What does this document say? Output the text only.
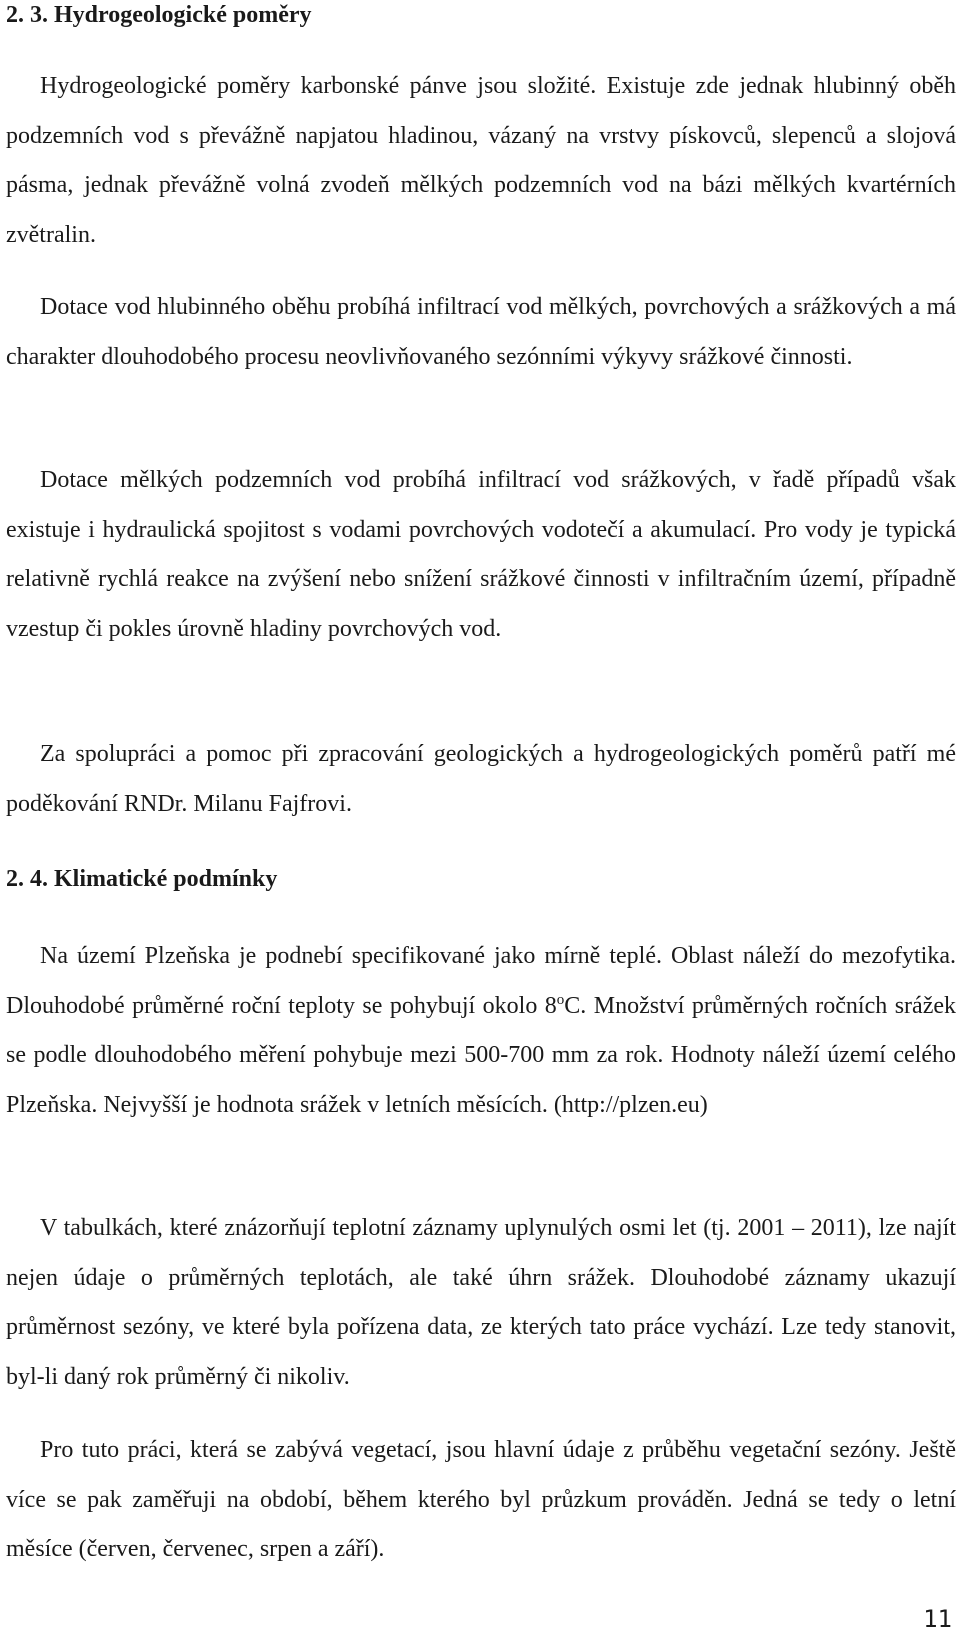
2. 3. Hydrogeologické poměry

Hydrogeologické poměry karbonské pánve jsou složité. Existuje zde jednak hlubinný oběh podzemních vod s převážně napjatou hladinou, vázaný na vrstvy pískovců, slepenců a slojová pásma, jednak převážně volná zvodeň mělkých podzemních vod na bázi mělkých kvartérních zvětralin.

Dotace vod hlubinného oběhu probíhá infiltrací vod mělkých, povrchových a srážkových a má charakter dlouhodobého procesu neovlivňovaného sezónními výkyvy srážkové činnosti.

Dotace mělkých podzemních vod probíhá infiltrací vod srážkových, v řadě případů však existuje i hydraulická spojitost s vodami povrchových vodotečí a akumulací. Pro vody je typická relativně rychlá reakce na zvýšení nebo snížení srážkové činnosti v infiltračním území, případně vzestup či pokles úrovně hladiny povrchových vod.

Za spolupráci a pomoc při zpracování geologických a hydrogeologických poměrů patří mé poděkování RNDr. Milanu Fajfrovi.

2. 4. Klimatické podmínky

Na území Plzeňska je podnebí specifikované jako mírně teplé. Oblast náleží do mezofytika. Dlouhodobé průměrné roční teploty se pohybují okolo 8$^o$C. Množství průměrných ročních srážek se podle dlouhodobého měření pohybuje mezi 500-700 mm za rok. Hodnoty náleží území celého Plzeňska. Nejvyšší je hodnota srážek v letních měsících. (http://plzen.eu)

V tabulkách, které znázorňují teplotní záznamy uplynulých osmi let (tj. 2001 – 2011), lze najít nejen údaje o průměrných teplotách, ale také úhrn srážek. Dlouhodobé záznamy ukazují průměrnost sezóny, ve které byla pořízena data, ze kterých tato práce vychází. Lze tedy stanovit, byl-li daný rok průměrný či nikoliv.

Pro tuto práci, která se zabývá vegetací, jsou hlavní údaje z průběhu vegetační sezóny. Ještě více se pak zaměřuji na období, během kterého byl průzkum prováděn. Jedná se tedy o letní měsíce (červen, červenec, srpen a září).

11
